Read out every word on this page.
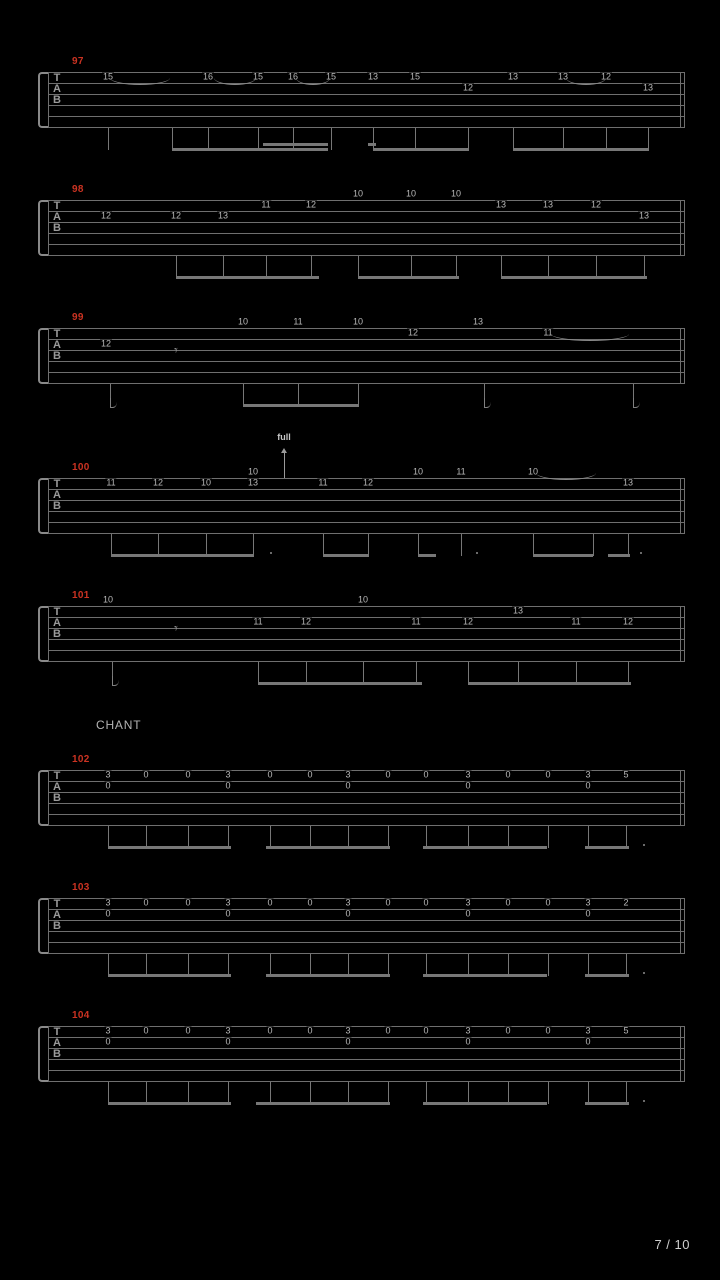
97
T
A
B
15	16	15	16	15	13	15
12
13	13	12
13
98
T
A
B
12	12	13
11	12
10	10	10
13	13	12
13
99
T
A
B
12
10	11	10
12
13
11
𝄾
full
100
T
A
B
11	12	10
10
13	11	12
10	11	10
13
101
T
A
B
10	10
11	12	11	12
13
11	12
𝄾
CHANT
102
T
A
B
3
0
0	0	3
0
0	0	3
0
0	0	3
0
0	0	3
0
5
103
T
A
B
3
0
0	0	3
0
0	0	3
0
0	0	3
0
0	0	3
0
2
104
T
A
B
3
0
0	0	3
0
0	0	3
0
0	0	3
0
0	0	3
0
5
7 / 10
